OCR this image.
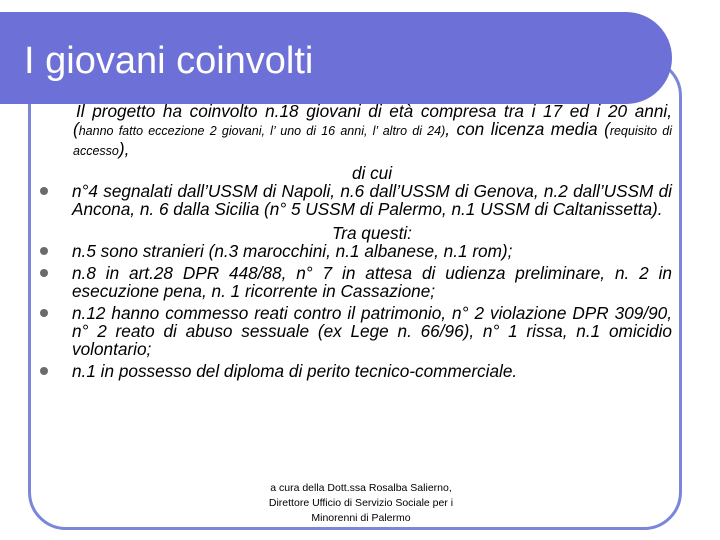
I giovani coinvolti
Il progetto ha coinvolto n.18 giovani di età compresa tra i 17 ed i 20 anni, (hanno fatto eccezione 2 giovani, l’ uno di 16 anni, l’ altro di 24), con licenza media (requisito di accesso),
di cui
n°4 segnalati dall’USSM di Napoli, n.6 dall’USSM di Genova, n.2 dall’USSM di Ancona, n. 6 dalla Sicilia (n° 5 USSM di Palermo, n.1 USSM di Caltanissetta).
Tra questi:
n.5 sono stranieri (n.3 marocchini, n.1 albanese, n.1 rom);
n.8 in art.28 DPR 448/88, n° 7 in attesa di udienza preliminare, n. 2 in esecuzione pena, n. 1 ricorrente in Cassazione;
n.12 hanno commesso reati contro il patrimonio, n° 2 violazione DPR 309/90, n° 2 reato di abuso sessuale (ex Lege n. 66/96), n° 1 rissa, n.1 omicidio volontario;
n.1 in possesso del diploma di perito tecnico-commerciale.
a cura della Dott.ssa Rosalba Salierno,
Direttore Ufficio di Servizio Sociale per i
Minorenni di Palermo
